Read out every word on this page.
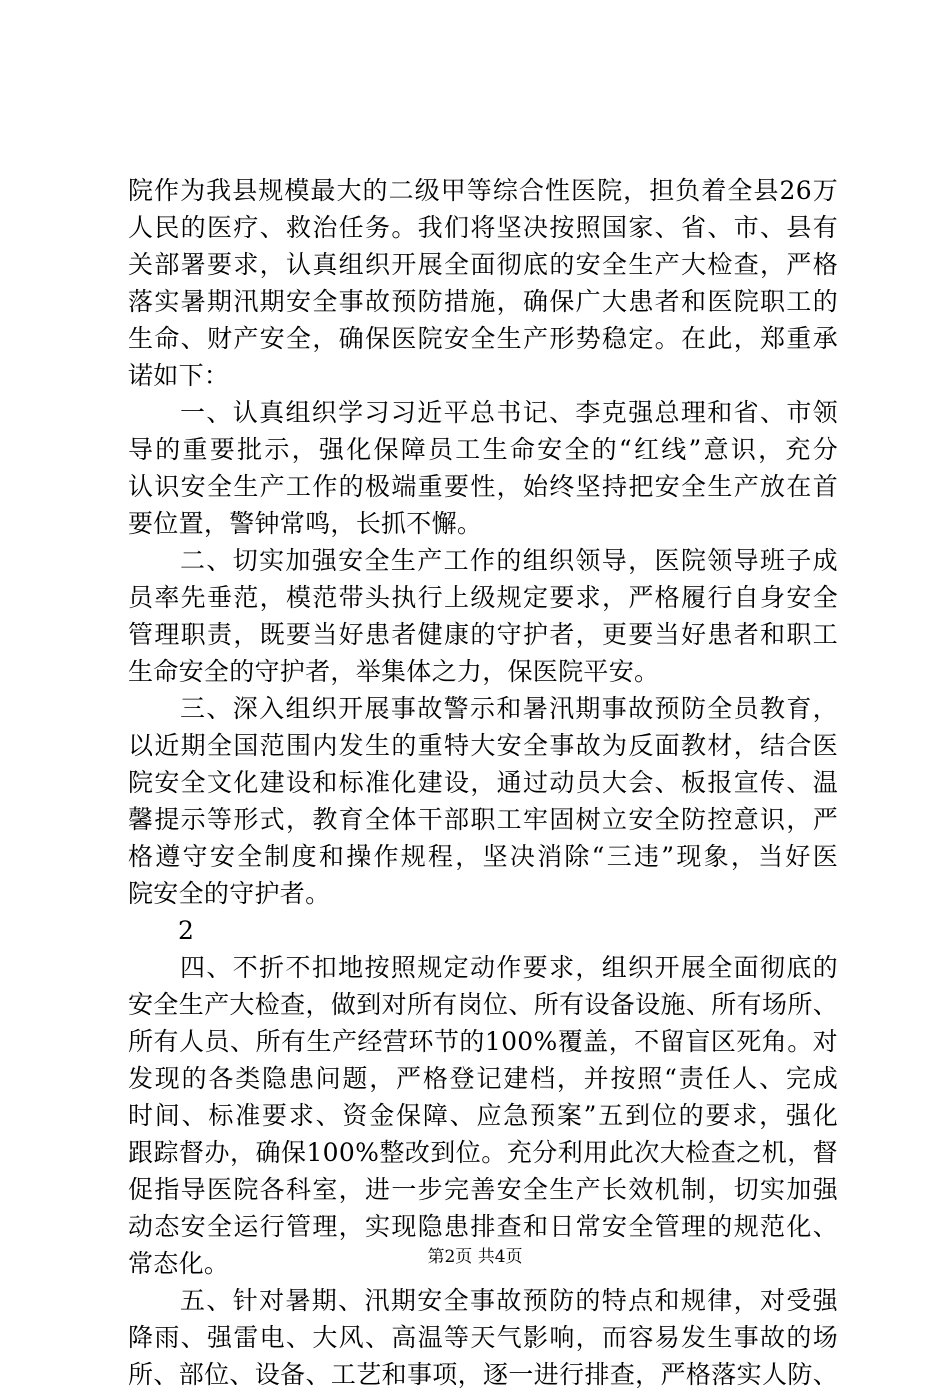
院作为我县规模最大的二级甲等综合性医院，担负着全县26万
人民的医疗、救治任务。我们将坚决按照国家、省、市、县有
关部署要求，认真组织开展全面彻底的安全生产大检查，严格
落实暑期汛期安全事故预防措施，确保广大患者和医院职工的
生命、财产安全，确保医院安全生产形势稳定。在此，郑重承
诺如下：
一、认真组织学习习近平总书记、李克强总理和省、市领
导的重要批示，强化保障员工生命安全的“红线”意识，充分
认识安全生产工作的极端重要性，始终坚持把安全生产放在首
要位置，警钟常鸣，长抓不懈。
二、切实加强安全生产工作的组织领导，医院领导班子成
员率先垂范，模范带头执行上级规定要求，严格履行自身安全
管理职责，既要当好患者健康的守护者，更要当好患者和职工
生命安全的守护者，举集体之力，保医院平安。
三、深入组织开展事故警示和暑汛期事故预防全员教育，
以近期全国范围内发生的重特大安全事故为反面教材，结合医
院安全文化建设和标准化建设，通过动员大会、板报宣传、温
馨提示等形式，教育全体干部职工牢固树立安全防控意识，严
格遵守安全制度和操作规程，坚决消除“三违”现象，当好医
院安全的守护者。
2
四、不折不扣地按照规定动作要求，组织开展全面彻底的
安全生产大检查，做到对所有岗位、所有设备设施、所有场所、
所有人员、所有生产经营环节的100%覆盖，不留盲区死角。对
发现的各类隐患问题，严格登记建档，并按照“责任人、完成
时间、标准要求、资金保障、应急预案”五到位的要求，强化
跟踪督办，确保100%整改到位。充分利用此次大检查之机，督
促指导医院各科室，进一步完善安全生产长效机制，切实加强
动态安全运行管理，实现隐患排查和日常安全管理的规范化、
常态化。
五、针对暑期、汛期安全事故预防的特点和规律，对受强
降雨、强雷电、大风、高温等天气影响，而容易发生事故的场
所、部位、设备、工艺和事项，逐一进行排查，严格落实人防、
第2页 共4页
